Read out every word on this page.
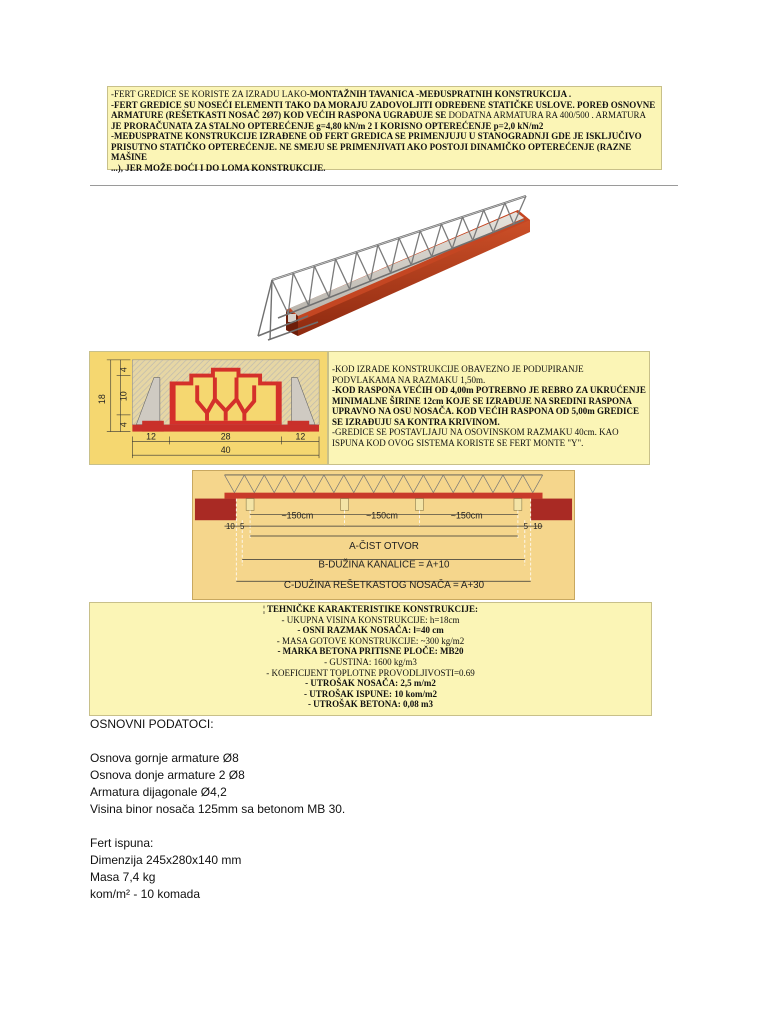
-FERT GREDICE SE KORISTE ZA IZRADU LAKO-MONTAŽNIH TAVANICA -MEĐUSPRATNIH KONSTRUKCIJA .

-FERT GREDICE SU NOSEĆI ELEMENTI TAKO DA MORAJU ZADOVOLJITI ODREĐENE STATIČKE USLOVE. POREĐ OSNOVNE

ARMATURE (REŠETKASTI NOSAČ 2Ø7) KOD VEĆIH RASPONA UGRAĐUJE SE DODATNA ARMATURA RA 400/500 . ARMATURA

JE PRORAČUNATA ZA STALNO OPTEREĆENJE g=4,80 kN/m 2 I KORISNO OPTEREĆENJE p=2,0 kN/m2

-MEĐUSPRATNE KONSTRUKCIJE IZRAĐENE OD FERT GREDICA SE PRIMENJUJU U STANOGRADNJI GDE JE ISKLJUČIVO

PRISUTNO STATIČKO OPTEREĆENJE. NE SMEJU SE PRIMENJIVATI AKO POSTOJI DINAMIČKO OPTEREĆENJE (RAZNE MAŠINE

...), JER MOŽE DOĆI I DO LOMA KONSTRUKCIJE.

18
4
10
4
12	28	12
40

-KOD IZRADE KONSTRUKCIJE OBAVEZNO JE PODUPIRANJE

PODVLAKAMA NA RAZMAKU 1,50m.

-KOD RASPONA VEĆIH OD 4,00m POTREBNO JE REBRO ZA UKRUĆENJE

MINIMALNE ŠIRINE 12cm KOJE SE IZRAĐUJE NA SREDINI RASPONA

UPRAVNO NA OSU NOSAČA. KOD VEĆIH RASPONA OD 5,00m GREDICE

SE IZRAĐUJU SA KONTRA KRIVINOM.

-GREDICE SE POSTAVLJAJU NA OSOVINSKOM RAZMAKU 40cm. KAO

ISPUNA KOD OVOG SISTEMA KORISTE SE FERT MONTE "Y".

~150cm	~150cm	~150cm
10 5	5 10
A-ČIST OTVOR
B-DUŽINA KANALICE = A+10
C-DUŽINA REŠETKASTOG NOSAČA = A+30
¦ TEHNIČKE KARAKTERISTIKE KONSTRUKCIJE:
- UKUPNA VISINA KONSTRUKCIJE: h=18cm
- OSNI RAZMAK NOSAČA: l=40 cm
- MASA GOTOVE KONSTRUKCIJE: ~300 kg/m2
- MARKA BETONA PRITISNE PLOČE: MB20
- GUSTINA: 1600 kg/m3
- KOEFICIJENT TOPLOTNE PROVODLJIVOSTI=0.69
- UTROŠAK NOSAČA: 2,5 m/m2
- UTROŠAK ISPUNE: 10 kom/m2
- UTROŠAK BETONA: 0,08 m3
OSNOVNI PODATOCI:
Osnova gornje armature Ø8
Osnova donje armature 2 Ø8
Armatura dijagonale Ø4,2
Visina binor nosača 125mm sa betonom MB 30.
Fert ispuna:
Dimenzija 245x280x140 mm
Masa 7,4 kg
kom/m² - 10 komada
